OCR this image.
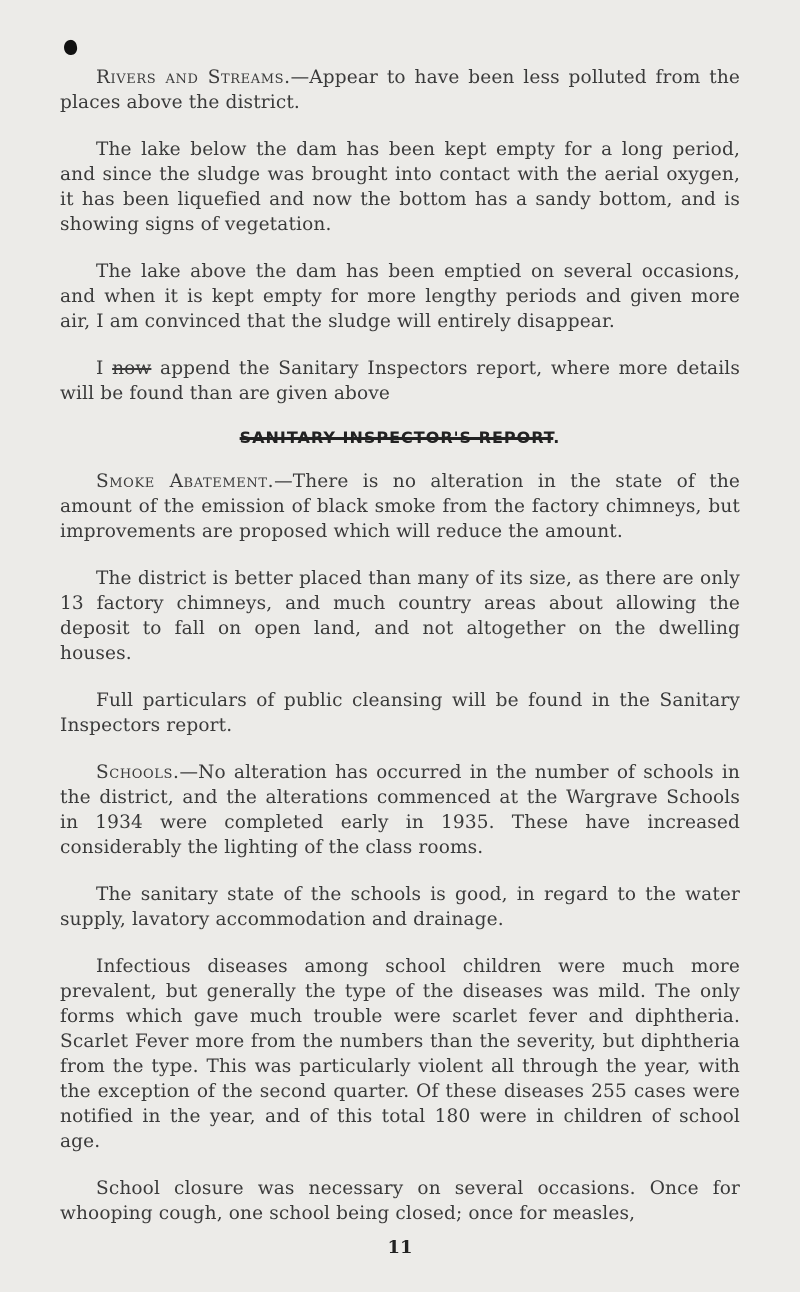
Rivers and Streams.—Appear to have been less polluted from the places above the district.

The lake below the dam has been kept empty for a long period, and since the sludge was brought into contact with the aerial oxygen, it has been liquefied and now the bottom has a sandy bottom, and is showing signs of vegetation.

The lake above the dam has been emptied on several occasions, and when it is kept empty for more lengthy periods and given more air, I am convinced that the sludge will entirely disappear.

I now append the Sanitary Inspectors report, where more details will be found than are given above

SANITARY INSPECTOR'S REPORT.

Smoke Abatement.—There is no alteration in the state of the amount of the emission of black smoke from the factory chimneys, but improvements are proposed which will reduce the amount.

The district is better placed than many of its size, as there are only 13 factory chimneys, and much country areas about allowing the deposit to fall on open land, and not altogether on the dwelling houses.

Full particulars of public cleansing will be found in the Sanitary Inspectors report.

Schools.—No alteration has occurred in the number of schools in the district, and the alterations commenced at the Wargrave Schools in 1934 were completed early in 1935. These have increased considerably the lighting of the class rooms.

The sanitary state of the schools is good, in regard to the water supply, lavatory accommodation and drainage.

Infectious diseases among school children were much more prevalent, but generally the type of the diseases was mild. The only forms which gave much trouble were scarlet fever and diphtheria. Scarlet Fever more from the numbers than the severity, but diphtheria from the type. This was particularly violent all through the year, with the exception of the second quarter. Of these diseases 255 cases were notified in the year, and of this total 180 were in children of school age.

School closure was necessary on several occasions. Once for whooping cough, one school being closed; once for measles,

11
